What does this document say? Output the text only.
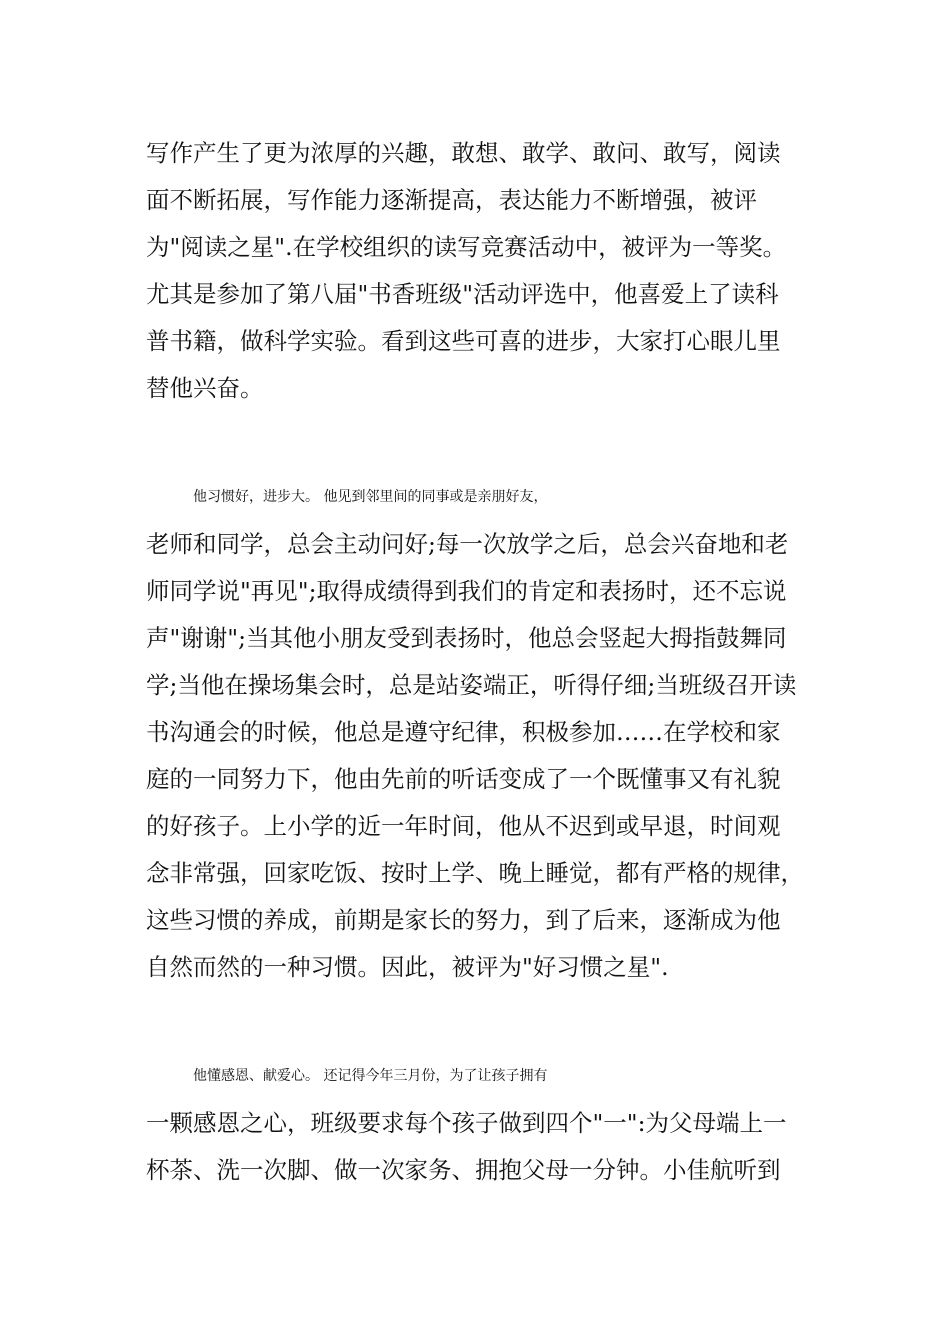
写作产生了更为浓厚的兴趣，敢想、敢学、敢问、敢写，阅读
面不断拓展，写作能力逐渐提高，表达能力不断增强，被评
为"阅读之星".在学校组织的读写竞赛活动中，被评为一等奖。
尤其是参加了第八届"书香班级"活动评选中，他喜爱上了读科
普书籍，做科学实验。看到这些可喜的进步，大家打心眼儿里
替他兴奋。
他习惯好，进步大。 他见到邻里间的同事或是亲朋好友，
老师和同学，总会主动问好;每一次放学之后，总会兴奋地和老
师同学说"再见";取得成绩得到我们的肯定和表扬时，还不忘说
声"谢谢";当其他小朋友受到表扬时，他总会竖起大拇指鼓舞同
学;当他在操场集会时，总是站姿端正，听得仔细;当班级召开读
书沟通会的时候，他总是遵守纪律，积极参加……在学校和家
庭的一同努力下，他由先前的听话变成了一个既懂事又有礼貌
的好孩子。上小学的近一年时间，他从不迟到或早退，时间观
念非常强，回家吃饭、按时上学、晚上睡觉，都有严格的规律，
这些习惯的养成，前期是家长的努力，到了后来，逐渐成为他
自然而然的一种习惯。因此，被评为"好习惯之星".
他懂感恩、献爱心。 还记得今年三月份，为了让孩子拥有
一颗感恩之心，班级要求每个孩子做到四个"一":为父母端上一
杯茶、洗一次脚、做一次家务、拥抱父母一分钟。小佳航听到
